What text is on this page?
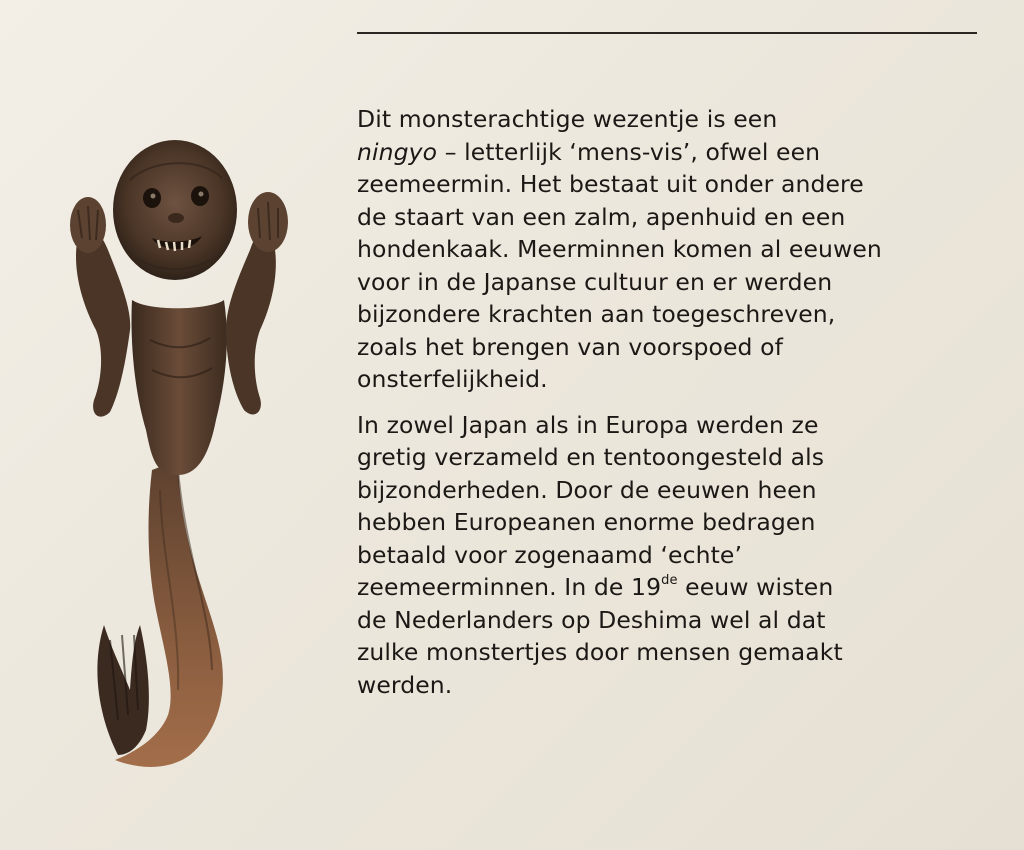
Dit monsterachtige wezentje is een
ningyo – letterlijk ‘mens-vis’, ofwel een
zeemeermin. Het bestaat uit onder andere
de staart van een zalm, apenhuid en een
hondenkaak. Meerminnen komen al eeuwen
voor in de Japanse cultuur en er werden
bijzondere krachten aan toegeschreven,
zoals het brengen van voorspoed of
onsterfelijkheid.

In zowel Japan als in Europa werden ze
gretig verzameld en tentoongesteld als
bijzonderheden. Door de eeuwen heen
hebben Europeanen enorme bedragen
betaald voor zogenaamd ‘echte’
zeemeerminnen. In de 19de eeuw wisten
de Nederlanders op Deshima wel al dat
zulke monstertjes door mensen gemaakt
werden.
